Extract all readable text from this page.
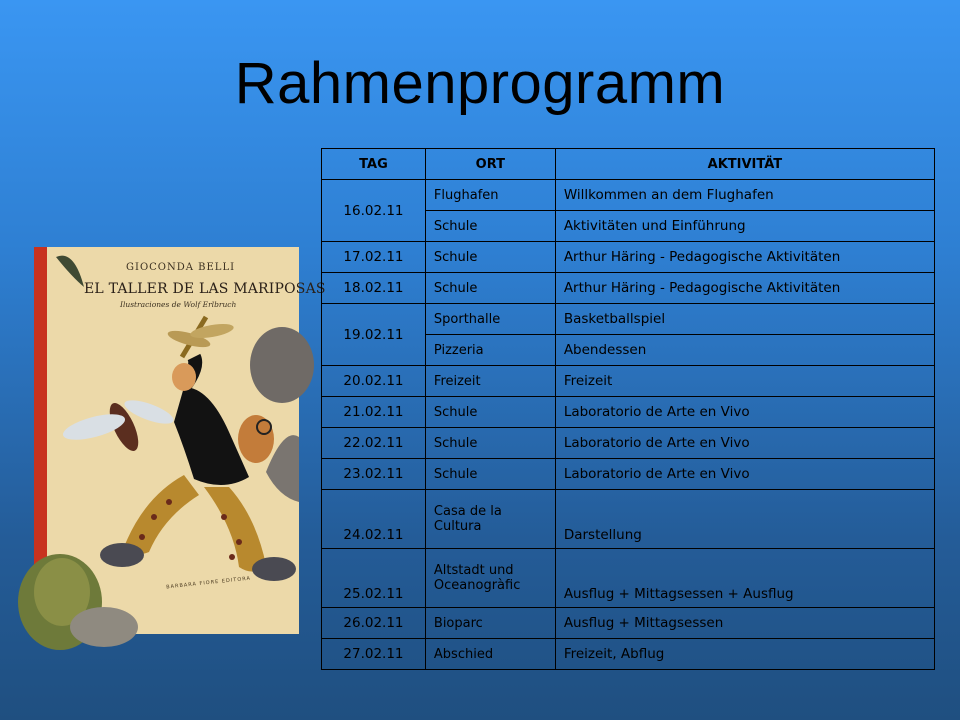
Rahmenprogramm
GIOCONDA BELLI
EL TALLER DE LAS MARIPOSAS
Ilustraciones de Wolf Erlbruch
BARBARA FIORE EDITORA
TAG	ORT	AKTIVITÄT
16.02.11	Flughafen	Willkommen an dem Flughafen
	Schule	Aktivitäten und Einführung
17.02.11	Schule	Arthur Häring - Pedagogische Aktivitäten
18.02.11	Schule	Arthur Häring - Pedagogische Aktivitäten
19.02.11	Sporthalle	Basketballspiel
	Pizzeria	Abendessen
20.02.11	Freizeit	Freizeit
21.02.11	Schule	Laboratorio de Arte en Vivo
22.02.11	Schule	Laboratorio de Arte en Vivo
23.02.11	Schule	Laboratorio de Arte en Vivo
24.02.11	Casa de la Cultura	Darstellung
25.02.11	Altstadt und Oceanogràfic	Ausflug + Mittagsessen + Ausflug
26.02.11	Bioparc	Ausflug + Mittagsessen
27.02.11	Abschied	Freizeit, Abflug
